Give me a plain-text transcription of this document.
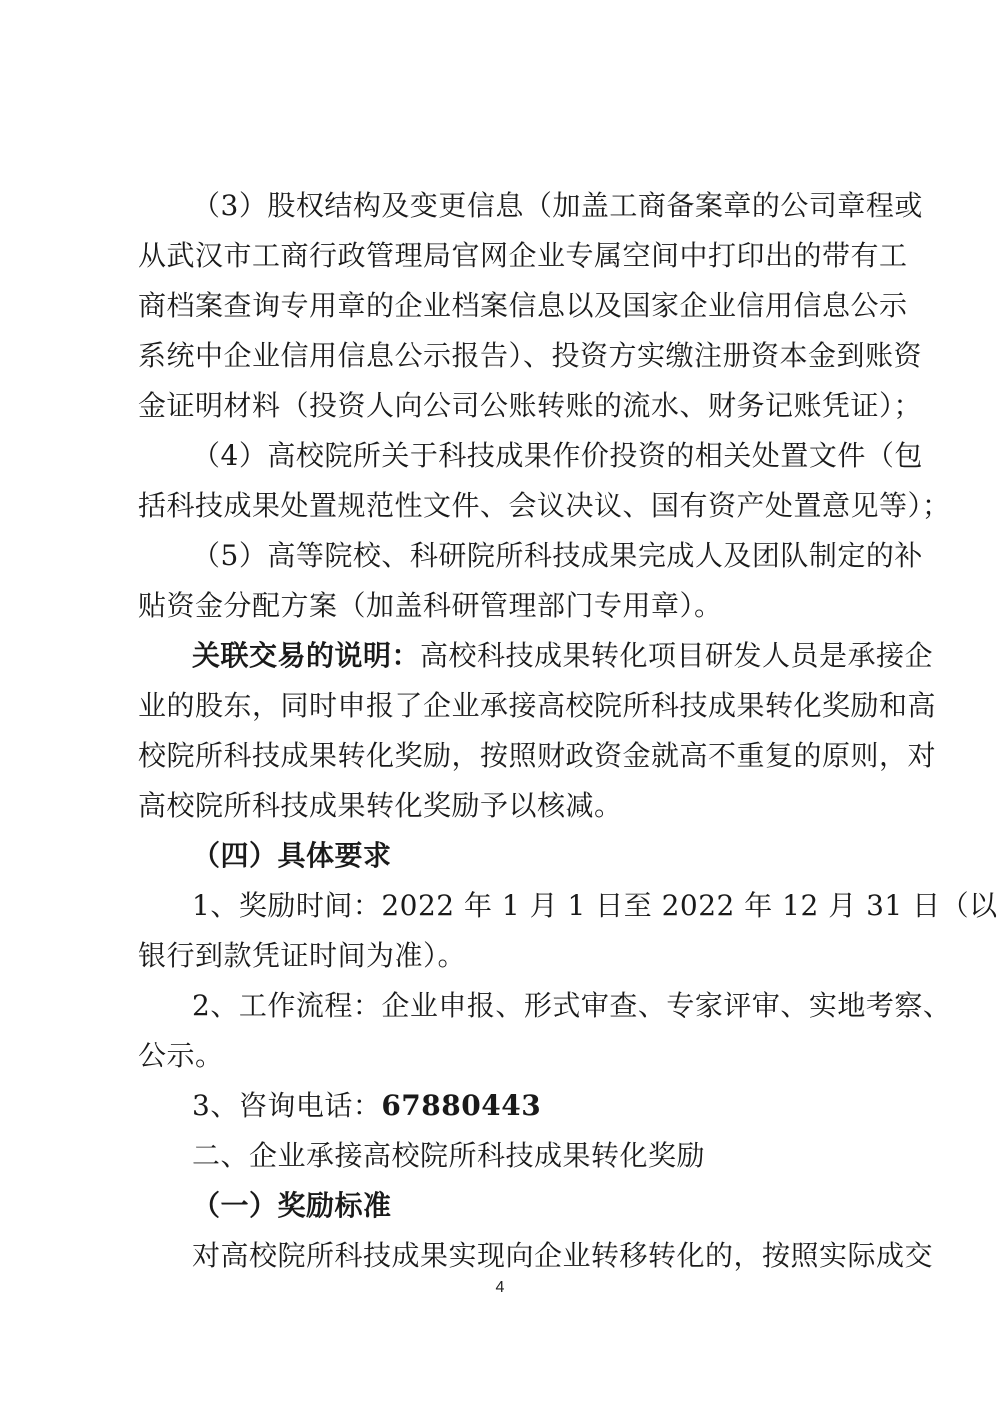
（3）股权结构及变更信息（加盖工商备案章的公司章程或
从武汉市工商行政管理局官网企业专属空间中打印出的带有工
商档案查询专用章的企业档案信息以及国家企业信用信息公示
系统中企业信用信息公示报告）、投资方实缴注册资本金到账资
金证明材料（投资人向公司公账转账的流水、财务记账凭证）；
（4）高校院所关于科技成果作价投资的相关处置文件（包
括科技成果处置规范性文件、会议决议、国有资产处置意见等）；
（5）高等院校、科研院所科技成果完成人及团队制定的补
贴资金分配方案（加盖科研管理部门专用章）。
关联交易的说明：高校科技成果转化项目研发人员是承接企
业的股东，同时申报了企业承接高校院所科技成果转化奖励和高
校院所科技成果转化奖励，按照财政资金就高不重复的原则，对
高校院所科技成果转化奖励予以核减。
（四）具体要求
1、奖励时间：2022 年 1 月 1 日至 2022 年 12 月 31 日（以
银行到款凭证时间为准）。
2、工作流程：企业申报、形式审查、专家评审、实地考察、
公示。
3、咨询电话：67880443
二、企业承接高校院所科技成果转化奖励
（一）奖励标准
对高校院所科技成果实现向企业转移转化的，按照实际成交
4
